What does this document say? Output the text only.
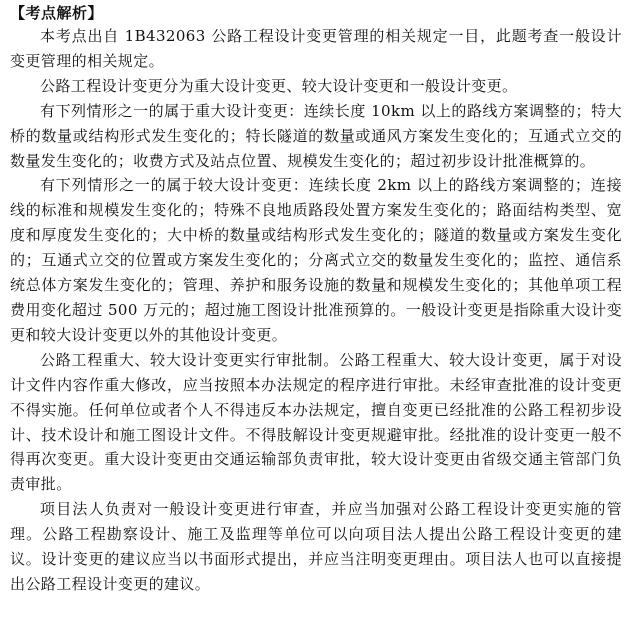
【考点解析】

本考点出自 1B432063 公路工程设计变更管理的相关规定一目，此题考查一般设计变更管理的相关规定。

公路工程设计变更分为重大设计变更、较大设计变更和一般设计变更。

有下列情形之一的属于重大设计变更：连续长度 10km 以上的路线方案调整的；特大桥的数量或结构形式发生变化的；特长隧道的数量或通风方案发生变化的；互通式立交的数量发生变化的；收费方式及站点位置、规模发生变化的；超过初步设计批准概算的。

有下列情形之一的属于较大设计变更：连续长度 2km 以上的路线方案调整的；连接线的标准和规模发生变化的；特殊不良地质路段处置方案发生变化的；路面结构类型、宽度和厚度发生变化的；大中桥的数量或结构形式发生变化的；隧道的数量或方案发生变化的；互通式立交的位置或方案发生变化的；分离式立交的数量发生变化的；监控、通信系统总体方案发生变化的；管理、养护和服务设施的数量和规模发生变化的；其他单项工程费用变化超过 500 万元的；超过施工图设计批准预算的。一般设计变更是指除重大设计变更和较大设计变更以外的其他设计变更。

公路工程重大、较大设计变更实行审批制。公路工程重大、较大设计变更，属于对设计文件内容作重大修改，应当按照本办法规定的程序进行审批。未经审查批准的设计变更不得实施。任何单位或者个人不得违反本办法规定，擅自变更已经批准的公路工程初步设计、技术设计和施工图设计文件。不得肢解设计变更规避审批。经批准的设计变更一般不得再次变更。重大设计变更由交通运输部负责审批，较大设计变更由省级交通主管部门负责审批。

项目法人负责对一般设计变更进行审查，并应当加强对公路工程设计变更实施的管理。公路工程勘察设计、施工及监理等单位可以向项目法人提出公路工程设计变更的建议。设计变更的建议应当以书面形式提出，并应当注明变更理由。项目法人也可以直接提出公路工程设计变更的建议。
